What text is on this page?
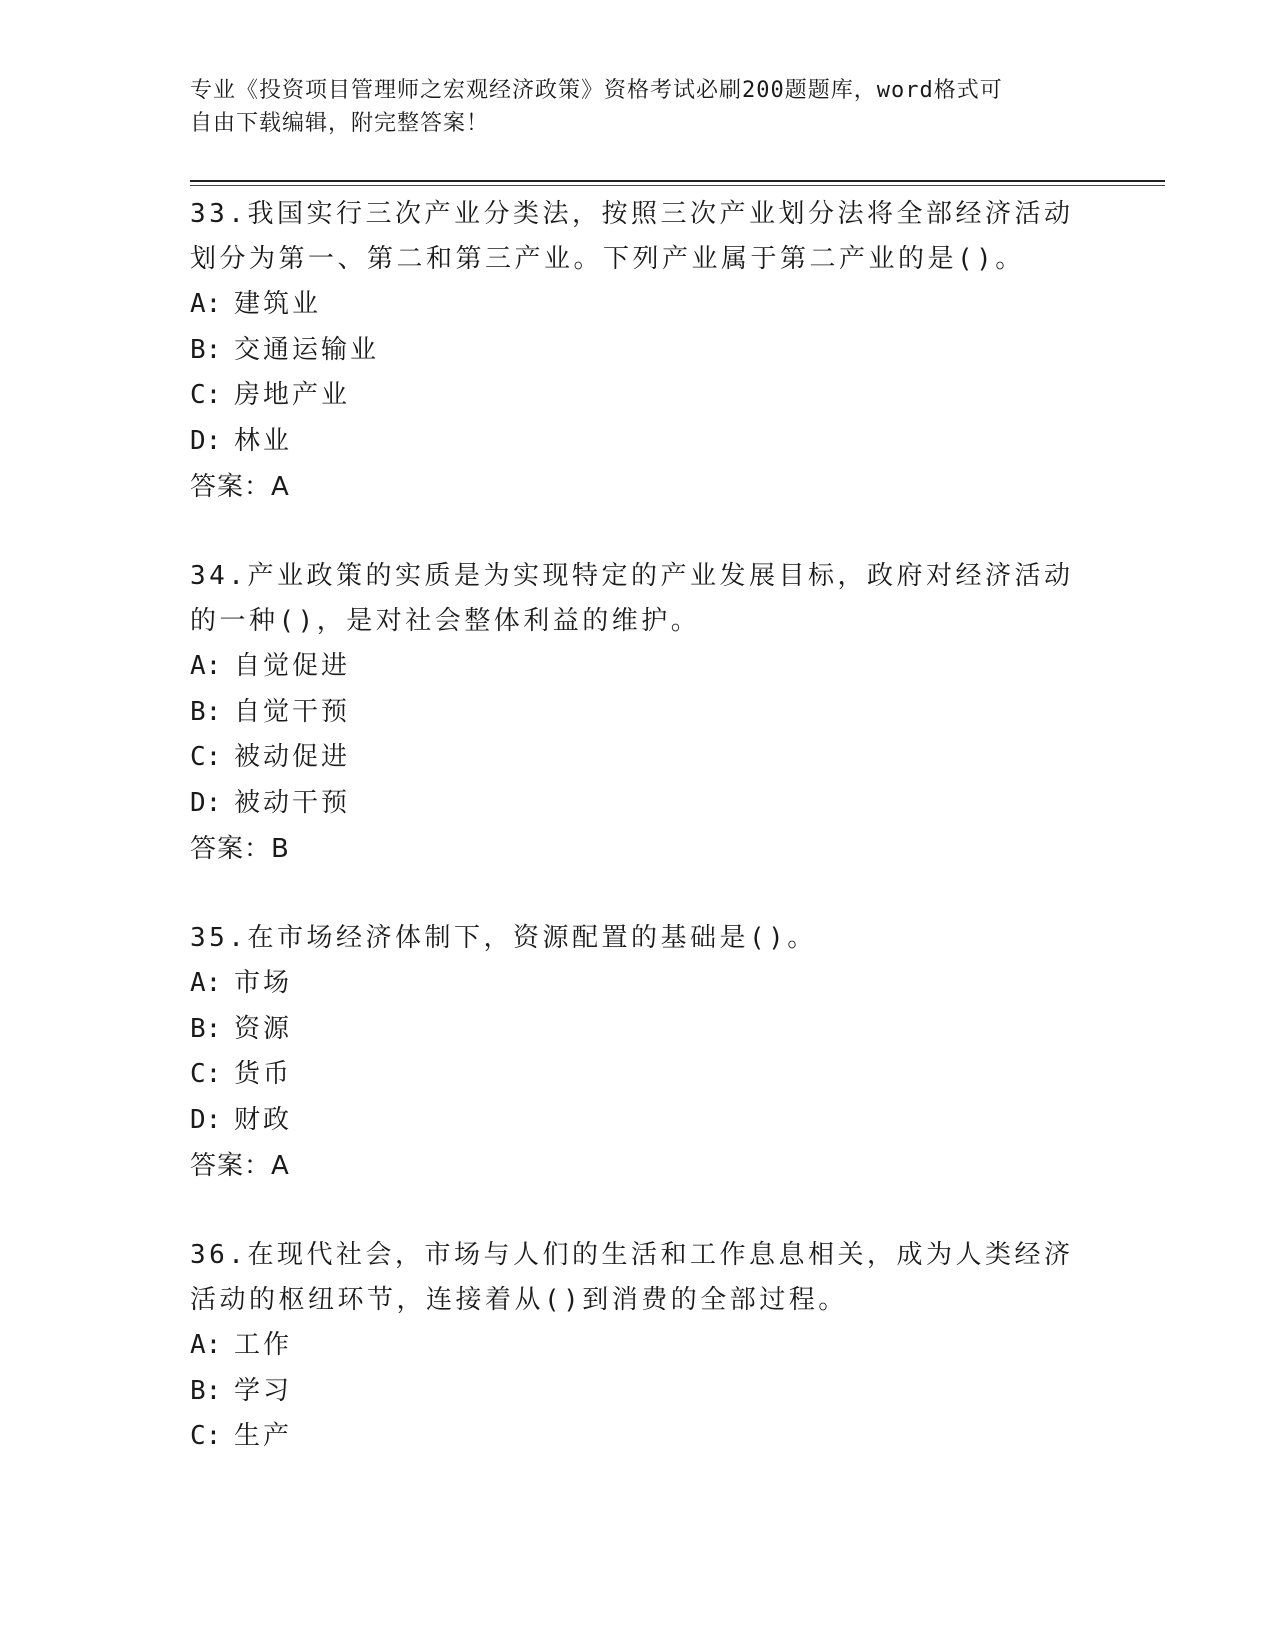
专业《投资项目管理师之宏观经济政策》资格考试必刷200题题库，word格式可
自由下载编辑，附完整答案！

33.我国实行三次产业分类法，按照三次产业划分法将全部经济活动划分为第一、第二和第三产业。下列产业属于第二产业的是()。

A: 建筑业

B: 交通运输业

C: 房地产业

D: 林业

答案：A

34.产业政策的实质是为实现特定的产业发展目标，政府对经济活动的一种()，是对社会整体利益的维护。

A: 自觉促进

B: 自觉干预

C: 被动促进

D: 被动干预

答案：B

35.在市场经济体制下，资源配置的基础是()。

A: 市场

B: 资源

C: 货币

D: 财政

答案：A

36.在现代社会，市场与人们的生活和工作息息相关，成为人类经济活动的枢纽环节，连接着从()到消费的全部过程。

A: 工作

B: 学习

C: 生产
